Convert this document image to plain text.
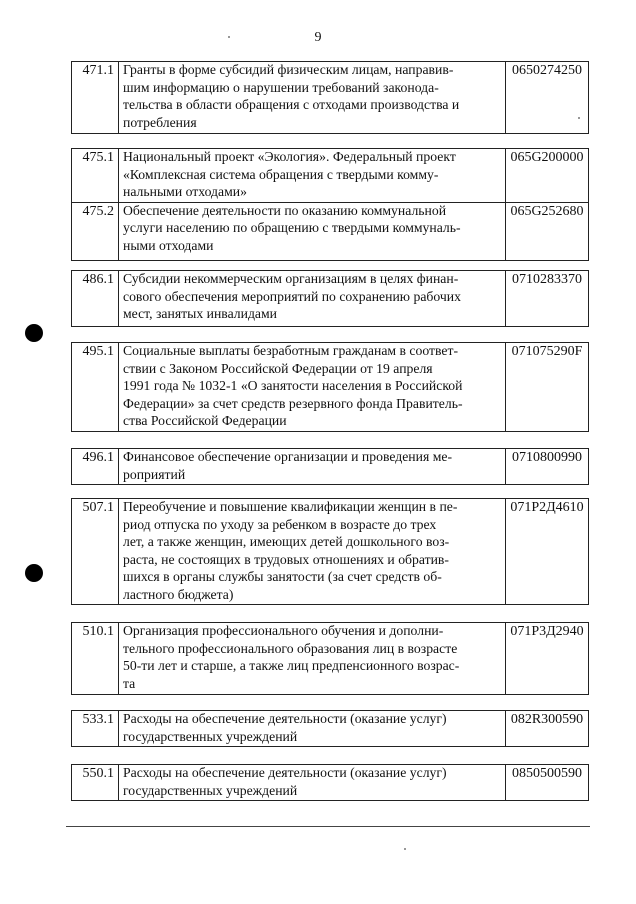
9
471.1	Гранты в форме субсидий физическим лицам, направив-
шим информацию о нарушении требований законода-
тельства в области обращения с отходами производства и
потребления
	0650274250
475.1	Национальный проект «Экология». Федеральный проект
«Комплексная система обращения с твердыми комму-
нальными отходами»	065G200000
475.2	Обеспечение деятельности по оказанию коммунальной
услуги населению по обращению с твердыми коммуналь-
ными отходами	065G252680
486.1	Субсидии некоммерческим организациям в целях финан-
сового обеспечения мероприятий по сохранению рабочих
мест, занятых инвалидами
	0710283370
495.1	Социальные выплаты безработным гражданам в соответ-
ствии с Законом Российской Федерации от 19 апреля
1991 года № 1032-1 «О занятости населения в Российской
Федерации» за счет средств резервного фонда Правитель-
ства Российской Федерации
	071075290F
496.1	Финансовое обеспечение организации и проведения ме-
роприятий
	0710800990
507.1	Переобучение и повышение квалификации женщин в пе-
риод отпуска по уходу за ребенком в возрасте до трех
лет, а также женщин, имеющих детей дошкольного воз-
раста, не состоящих в трудовых отношениях и обратив-
шихся в органы службы занятости (за счет средств об-
ластного бюджета)
	071Р2Д4610
510.1	Организация профессионального обучения и дополни-
тельного профессионального образования лиц в возрасте
50-ти лет и старше, а также лиц предпенсионного возрас-
та
	071Р3Д2940
533.1	Расходы на обеспечение деятельности (оказание услуг)
государственных учреждений
	082R300590
550.1	Расходы на обеспечение деятельности (оказание услуг)
государственных учреждений
	0850500590
